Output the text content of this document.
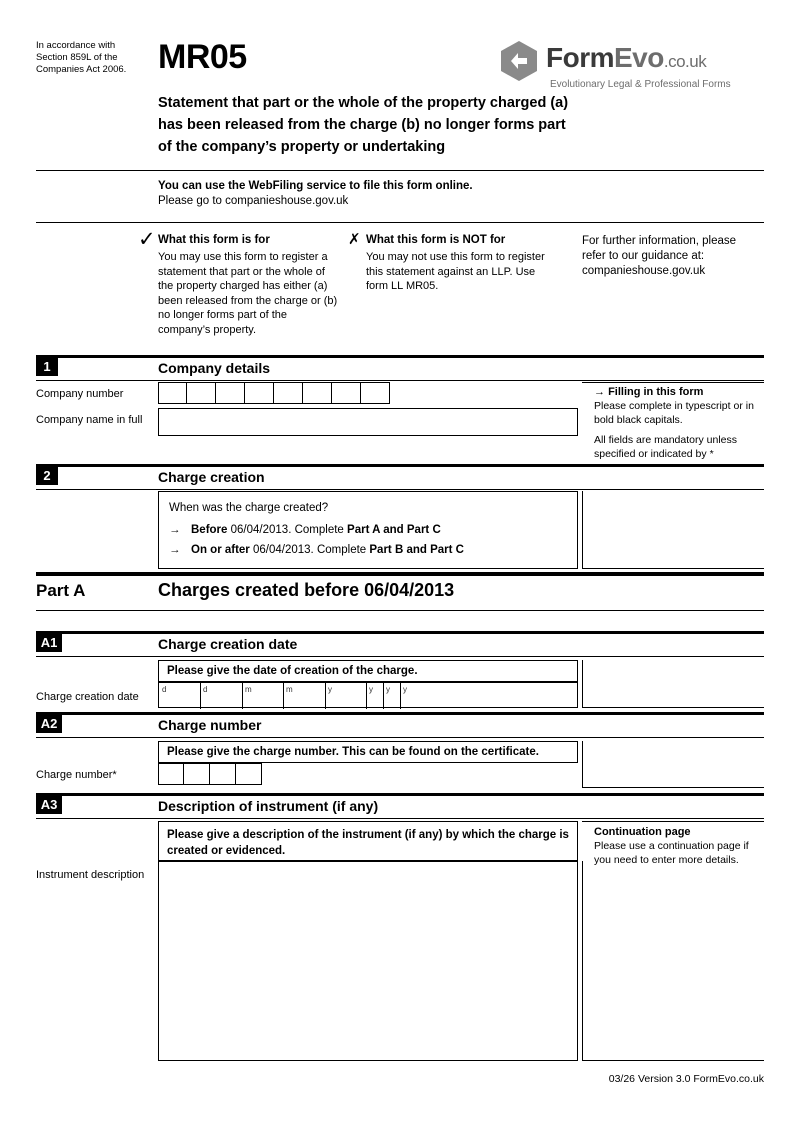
In accordance with Section 859L of the Companies Act 2006. MR05
Statement that part or the whole of the property charged (a) has been released from the charge (b) no longer forms part of the company’s property or undertaking
FormEvo.co.uk
Evolutionary Legal & Professional Forms
You can use the WebFiling service to file this form online.
Please go to companieshouse.gov.uk
✓ What this form is for
You may use this form to register a statement that part or the whole of the property charged has either (a) been released from the charge or (b) no longer forms part of the company’s property.
✗ What this form is NOT for
You may not use this form to register this statement against an LLP. Use form LL MR05.
For further information, please refer to our guidance at: companieshouse.gov.uk
1	Company details
Company number
Company name in full
→ Filling in this form
Please complete in typescript or in bold black capitals.
All fields are mandatory unless specified or indicated by *
2	Charge creation
When was the charge created?
→ Before 06/04/2013. Complete Part A and Part C
→ On or after 06/04/2013. Complete Part B and Part C
Part A	Charges created before 06/04/2013
A1	Charge creation date
Please give the date of creation of the charge.
Charge creation date
d	d	m	m	y	y y y
A2	Charge number
Please give the charge number. This can be found on the certificate.
Charge number*
A3	Description of instrument (if any)
Please give a description of the instrument (if any) by which the charge is created or evidenced.
Instrument description
Continuation page
Please use a continuation page if you need to enter more details.
03/26 Version 3.0 FormEvo.co.uk
